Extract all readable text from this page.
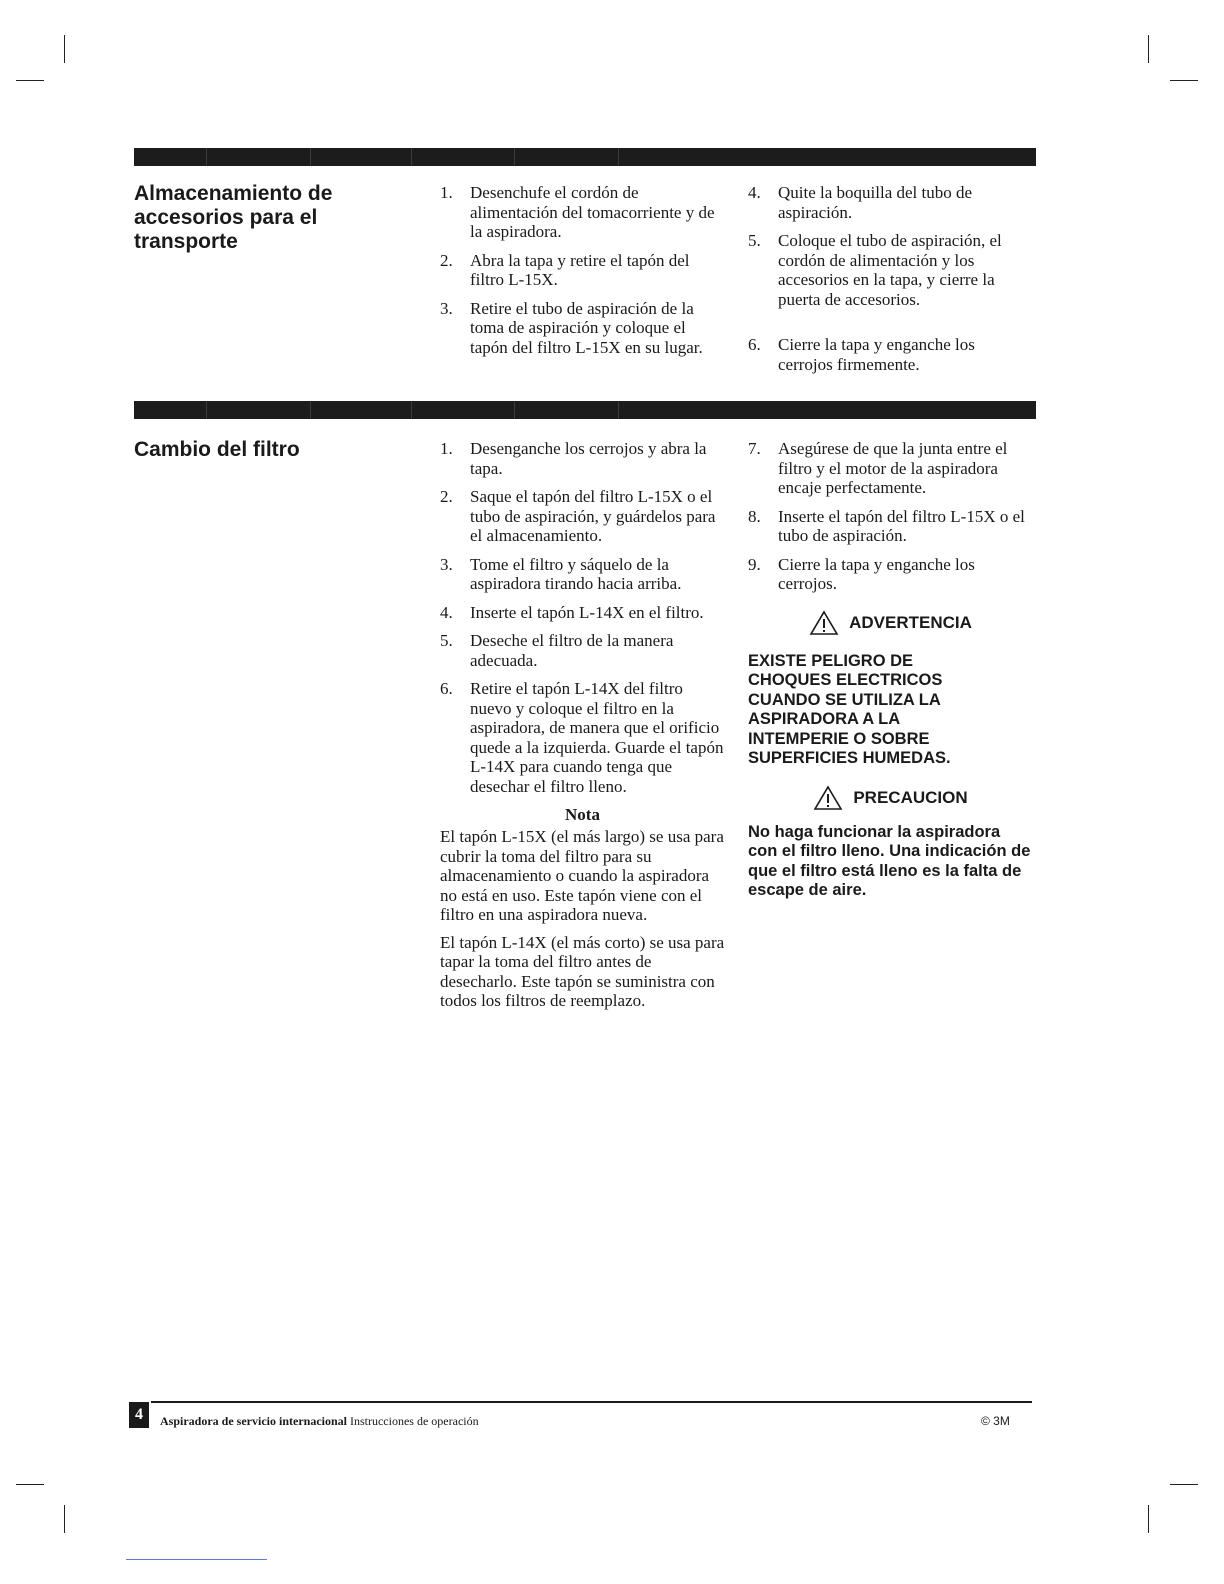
Almacenamiento de accesorios para el transporte
1.	Desenchufe el cordón de alimentación del tomacorriente y de la aspiradora.
2.	Abra la tapa y retire el tapón del filtro L-15X.
3.	Retire el tubo de aspiración de la toma de aspiración y coloque el tapón del filtro L-15X en su lugar.
4.	Quite la boquilla del tubo de aspiración.
5.	Coloque el tubo de aspiración, el cordón de alimentación y los accesorios en la tapa, y cierre la puerta de accesorios.
6.	Cierre la tapa y enganche los cerrojos firmemente.
Cambio del filtro	1.	Desenganche los cerrojos y abra la tapa.
2.	Saque el tapón del filtro L-15X o el tubo de aspiración, y guárdelos para el almacenamiento.
3.	Tome el filtro y sáquelo de la aspiradora tirando hacia arriba.
4.	Inserte el tapón L-14X en el filtro.
5.	Deseche el filtro de la manera adecuada.
6.	Retire el tapón L-14X del filtro nuevo y coloque el filtro en la aspiradora, de manera que el orificio quede a la izquierda. Guarde el tapón L-14X para cuando tenga que desechar el filtro lleno.
Nota

El tapón L-15X (el más largo) se usa para cubrir la toma del filtro para su almacenamiento o cuando la aspiradora no está en uso. Este tapón viene con el filtro en una aspiradora nueva.

El tapón L-14X (el más corto) se usa para tapar la toma del filtro antes de desecharlo. Este tapón se suministra con todos los filtros de reemplazo.

7.	Asegúrese de que la junta entre el filtro y el motor de la aspiradora encaje perfectamente.
8.	Inserte el tapón del filtro L-15X o el tubo de aspiración.
9.	Cierre la tapa y enganche los cerrojos.
ADVERTENCIA

EXISTE PELIGRO DE CHOQUES ELECTRICOS CUANDO SE UTILIZA LA ASPIRADORA A LA INTEMPERIE O SOBRE SUPERFICIES HUMEDAS.

PRECAUCION

No haga funcionar la aspiradora con el filtro lleno. Una indicación de que el filtro está lleno es la falta de escape de aire.

4	Aspiradora de servicio internacional Instrucciones de operación	© 3M
